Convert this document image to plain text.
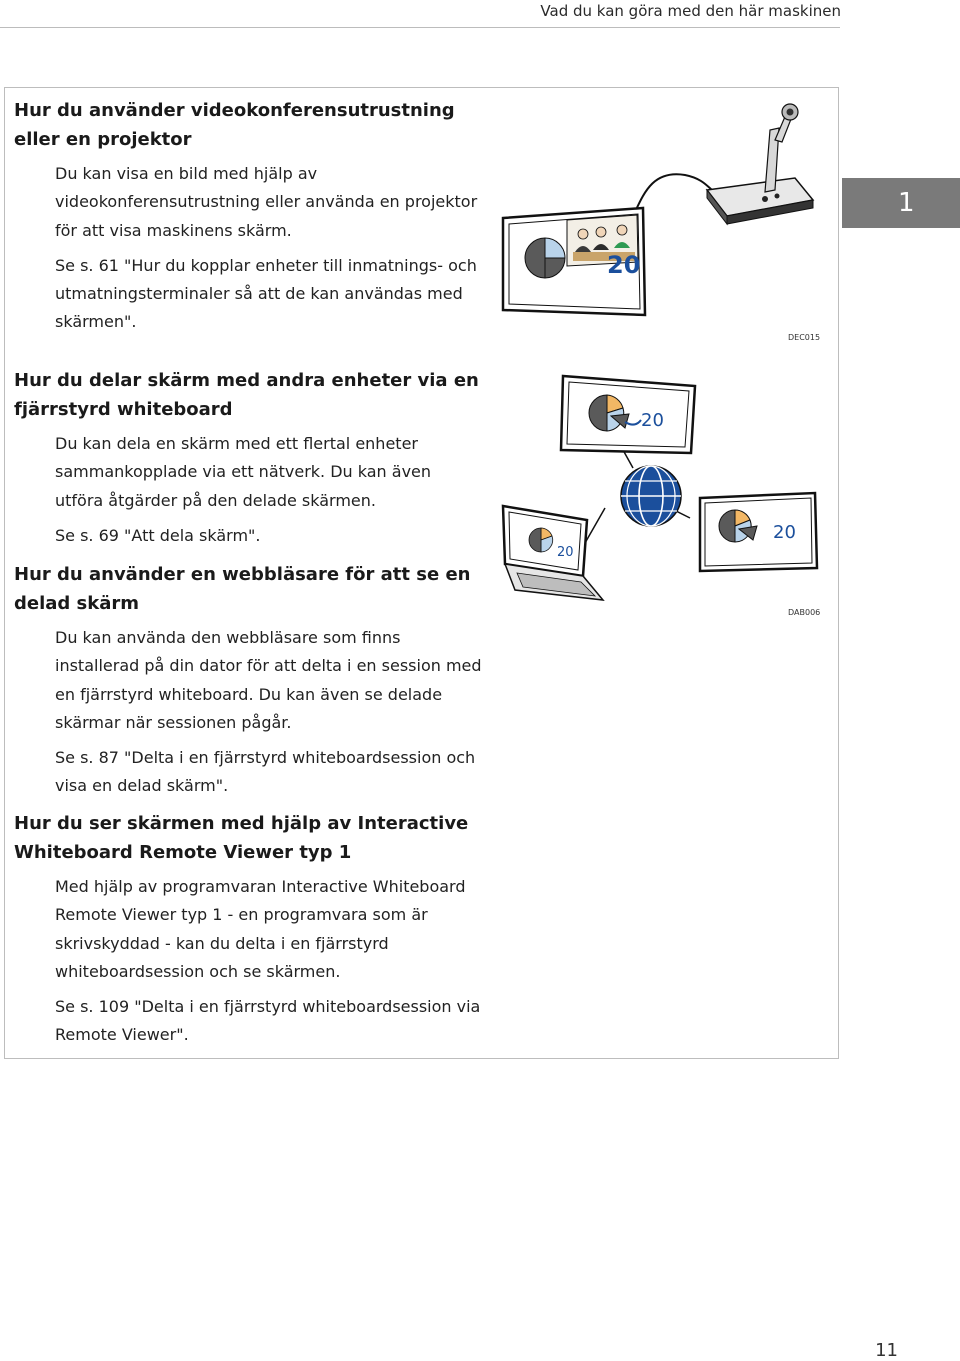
Vad du kan göra med den här maskinen
1
Hur du använder videokonferensutrustning eller en projektor

Du kan visa en bild med hjälp av videokonferensutrustning eller använda en projektor för att visa maskinens skärm.

Se s. 61 "Hur du kopplar enheter till inmatnings- och utmatningsterminaler så att de kan användas med skärmen".

Hur du delar skärm med andra enheter via en fjärrstyrd whiteboard

Du kan dela en skärm med ett flertal enheter sammankopplade via ett nätverk. Du kan även utföra åtgärder på den delade skärmen.

Se s. 69 "Att dela skärm".

Hur du använder en webbläsare för att se en delad skärm

Du kan använda den webbläsare som finns installerad på din dator för att delta i en session med en fjärrstyrd whiteboard. Du kan även se delade skärmar när sessionen pågår.

Se s. 87 "Delta i en fjärrstyrd whiteboardsession och visa en delad skärm".

Hur du ser skärmen med hjälp av Interactive Whiteboard Remote Viewer typ 1

Med hjälp av programvaran Interactive Whiteboard Remote Viewer typ 1 - en programvara som är skrivskyddad - kan du delta i en fjärrstyrd whiteboardsession och se skärmen.

Se s. 109 "Delta i en fjärrstyrd whiteboardsession via Remote Viewer".

20
DEC015
20
20
20
DAB006
11
